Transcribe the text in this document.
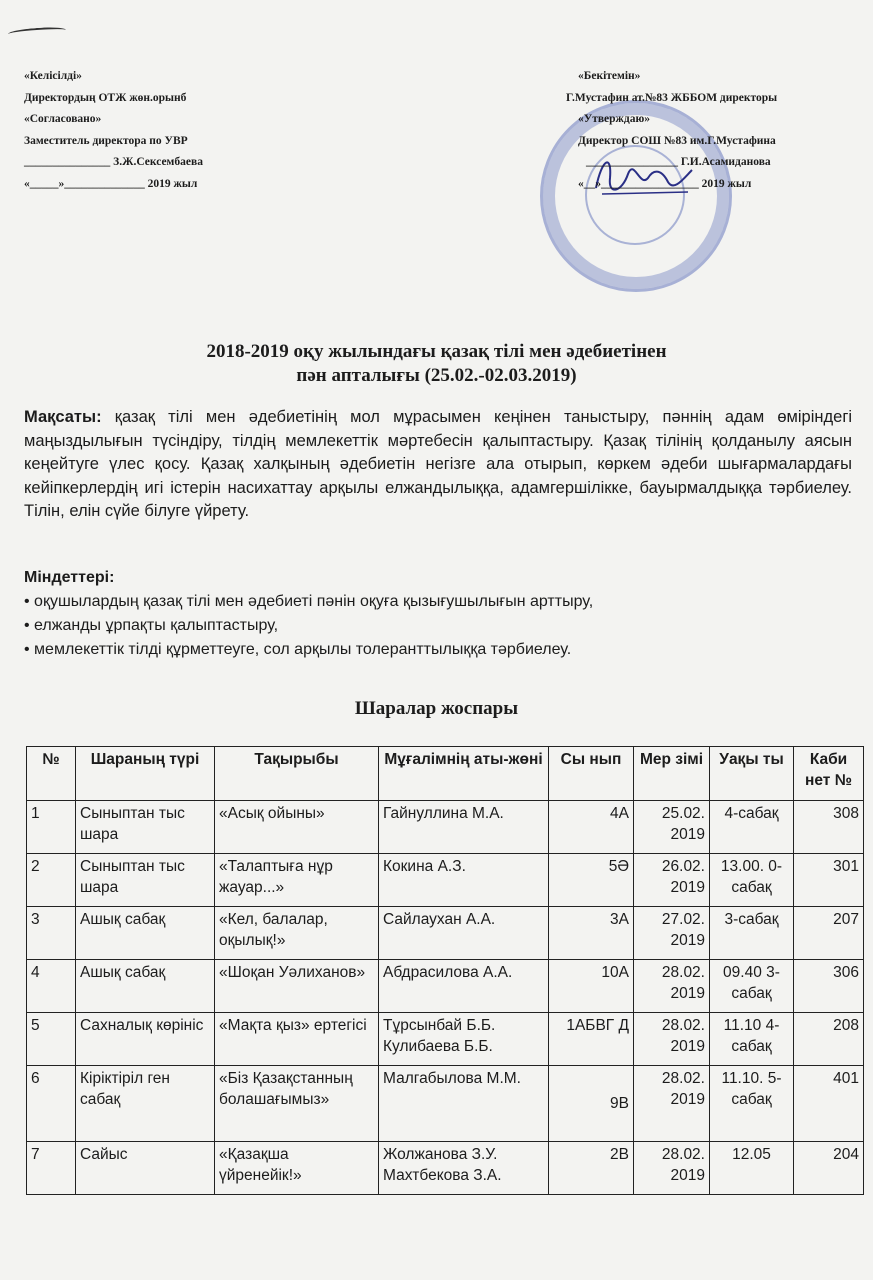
«Келісілді»
Директордың ОТЖ жөн.орынб
«Согласовано»
Заместитель директора по УВР
_______________ З.Ж.Сексембаева
«_____»______________ 2019 жыл
«Бекітемін»
Г.Мустафин ат.№83 ЖББОМ директоры
«Утверждаю»
Директор СОШ №83 им.Г.Мустафина
________________ Г.И.Асамиданова
«__»_________________ 2019 жыл
2018-2019 оқу жылындағы қазақ тілі мен әдебиетінен
пән апталығы (25.02.-02.03.2019)
Мақсаты: қазақ тілі мен әдебиетінің мол мұрасымен кеңінен таныстыру, пәннің адам өміріндегі маңыздылығын түсіндіру, тілдің мемлекеттік мәртебесін қалыптастыру. Қазақ тілінің қолданылу аясын кеңейтуге үлес қосу. Қазақ халқының әдебиетін негізге ала отырып, көркем әдеби шығармалардағы кейіпкерлердің игі істерін насихаттау арқылы елжандылыққа, адамгершілікке, бауырмалдыққа тәрбиелеу. Тілін, елін сүйе білуге үйрету.
Міндеттері:
• оқушылардың қазақ тілі мен әдебиеті пәнін оқуға қызығушылығын арттыру,
• елжанды ұрпақты қалыптастыру,
• мемлекеттік тілді құрметтеуге, сол арқылы толеранттылыққа тәрбиелеу.
Шаралар жоспары
№	Шараның түрі	Тақырыбы	Мұғалімнің аты-жөні	Сы нып	Мер зімі	Уақы ты	Каби нет №
1	Сыныптан тыс шара	«Асық ойыны»	Гайнуллина М.А.	4А	25.02. 2019	4-сабақ	308
2	Сыныптан тыс шара	«Талаптыға нұр жауар...»	Кокина А.З.	5Ә	26.02. 2019	13.00. 0-сабақ	301
3	Ашық сабақ	«Кел, балалар, оқылық!»	Сайлаухан А.А.	3А	27.02. 2019	3-сабақ	207
4	Ашық сабақ	«Шоқан Уәлиханов»	Абдрасилова А.А.	10А	28.02. 2019	09.40 3-сабақ	306
5	Сахналық көрініс	«Мақта қыз» ертегісі	Тұрсынбай Б.Б. Кулибаева Б.Б.	1АБВГ Д	28.02. 2019	11.10 4-сабақ	208
6	Кіріктіріл ген сабақ	«Біз Қазақстанның болашағымыз»	Малгабылова М.М.	9В	28.02. 2019	11.10. 5-сабақ	401
7	Сайыс	«Қазақша үйренейік!»	Жолжанова З.У. Махтбекова З.А.	2В	28.02. 2019	12.05	204
